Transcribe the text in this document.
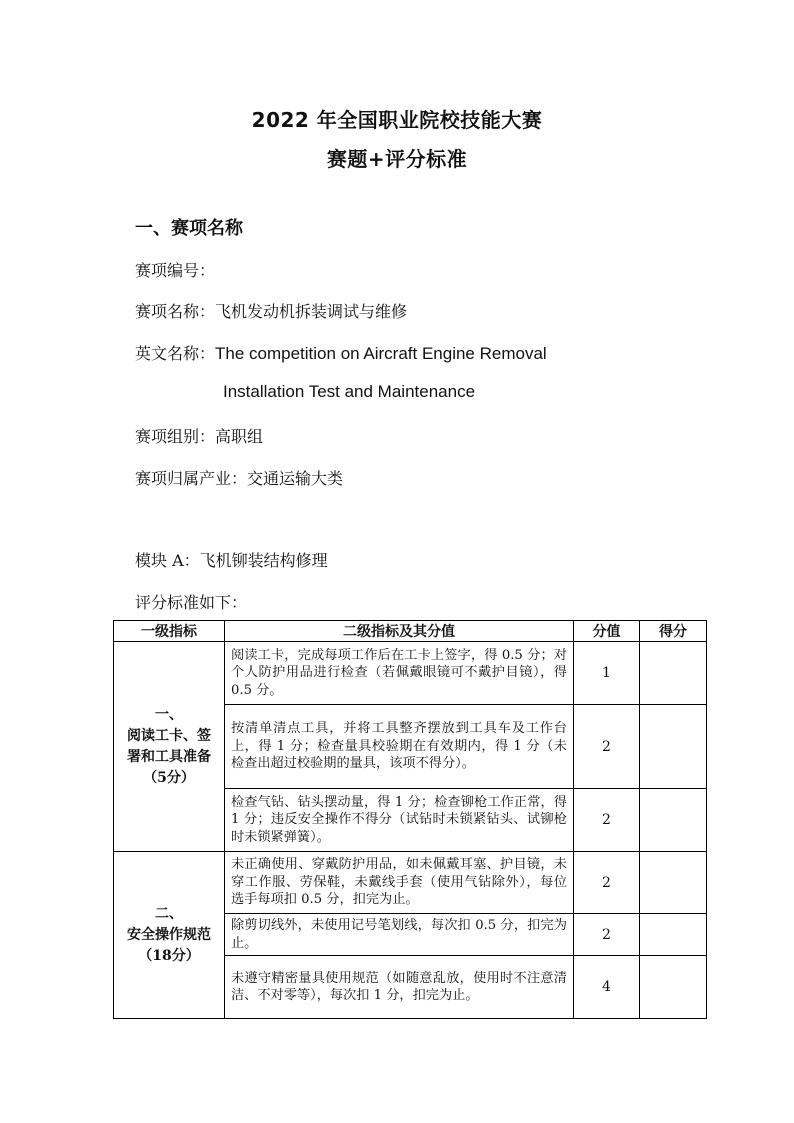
2022 年全国职业院校技能大赛
赛题+评分标准
一、赛项名称
赛项编号：
赛项名称：飞机发动机拆装调试与维修
英文名称：The competition on Aircraft Engine Removal
Installation Test and Maintenance
赛项组别：高职组
赛项归属产业：交通运输大类
模块 A：飞机铆装结构修理
评分标准如下：
一级指标	二级指标及其分值	分值	得分

一、
阅读工卡、签
署和工具准备
（5分）	阅读工卡，完成每项工作后在工卡上签字，得 0.5 分；对个人防护用品进行检查（若佩戴眼镜可不戴护目镜），得 0.5 分。	1	
	按清单清点工具，并将工具整齐摆放到工具车及工作台上，得 1 分；检查量具校验期在有效期内，得 1 分（未检查出超过校验期的量具，该项不得分）。	2	
	检查气钻、钻头摆动量，得 1 分；检查铆枪工作正常，得 1 分；违反安全操作不得分（试钻时未锁紧钻头、试铆枪时未锁紧弹簧）。	2	

二、
安全操作规范
（18分）	未正确使用、穿戴防护用品，如未佩戴耳塞、护目镜，未穿工作服、劳保鞋，未戴线手套（使用气钻除外），每位选手每项扣 0.5 分，扣完为止。	2	
	除剪切线外，未使用记号笔划线，每次扣 0.5 分，扣完为止。	2	
	未遵守精密量具使用规范（如随意乱放，使用时不注意清洁、不对零等），每次扣 1 分，扣完为止。	4	
